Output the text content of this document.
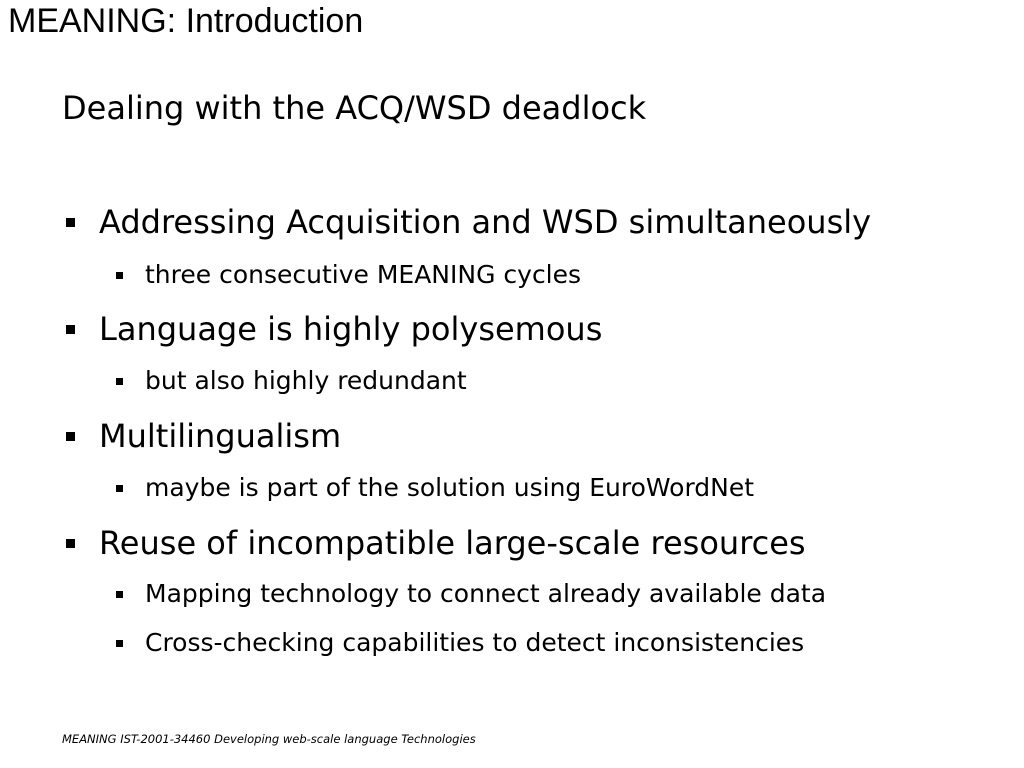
MEANING: Introduction
Dealing with the ACQ/WSD deadlock
Addressing Acquisition and WSD simultaneously
three consecutive MEANING cycles
Language is highly polysemous
but also highly redundant
Multilingualism
maybe is part of the solution using EuroWordNet
Reuse of incompatible large-scale resources
Mapping technology to connect already available data
Cross-checking capabilities to detect inconsistencies
MEANING IST-2001-34460 Developing web-scale language Technologies
